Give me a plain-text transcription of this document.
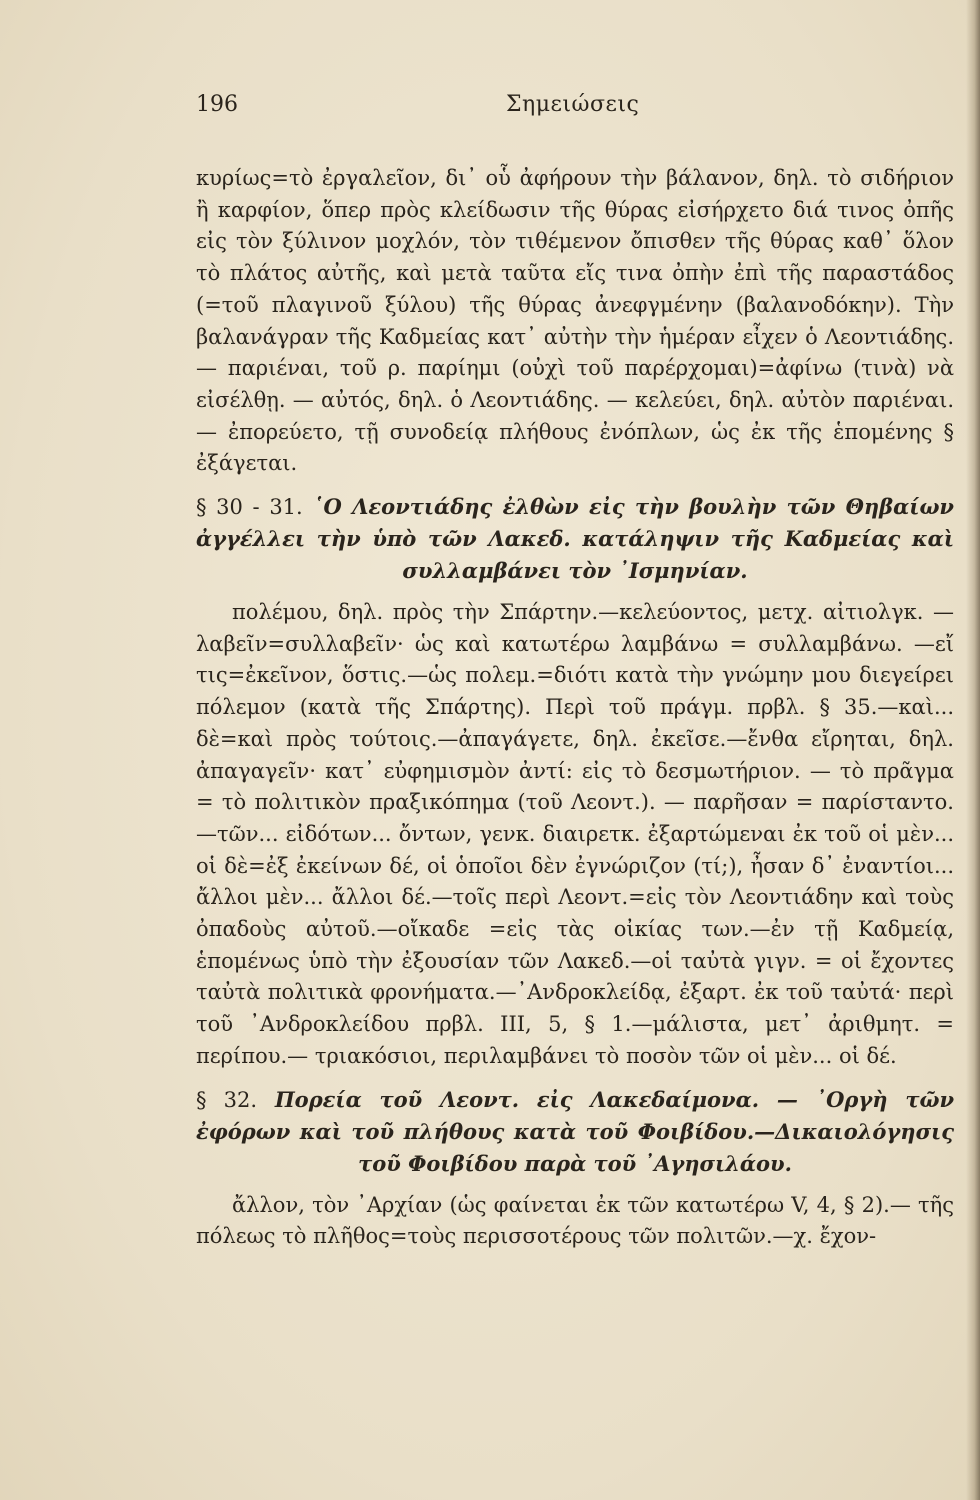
196	Σημειώσεις

κυρίως=τὸ ἐργαλεῖον, δι᾽ οὗ ἀφήρουν τὴν βάλανον, δηλ. τὸ σιδήριον ἢ καρφίον, ὅπερ πρὸς κλείδωσιν τῆς θύρας εἰσήρχετο διά τινος ὀπῆς εἰς τὸν ξύλινον μοχλόν, τὸν τιθέμενον ὄπισθεν τῆς θύρας καθ᾽ ὅλον τὸ πλάτος αὐτῆς, καὶ μετὰ ταῦτα εἴς τινα ὀπὴν ἐπὶ τῆς παραστάδος (=τοῦ πλαγινοῦ ξύλου) τῆς θύρας ἀνεφγμένην (βαλανοδόκην). Τὴν βαλανάγραν τῆς Καδμείας κατ᾽ αὐτὴν τὴν ἡμέραν εἶχεν ὁ Λεοντιάδης. — παριέναι, τοῦ ρ. παρίημι (οὐχὶ τοῦ παρέρχομαι)=ἀφίνω (τινὰ) νὰ εἰσέλθῃ. — αὐτός, δηλ. ὁ Λεοντιάδης. — κελεύει, δηλ. αὐτὸν παριέναι. — ἐπορεύετο, τῇ συνοδείᾳ πλήθους ἐνόπλων, ὡς ἐκ τῆς ἑπομένης § ἐξάγεται.

§ 30 - 31. ῾Ο Λεοντιάδης ἐλθὼν εἰς τὴν βουλὴν τῶν Θηβαίων ἀγγέλλει τὴν ὑπὸ τῶν Λακεδ. κατάληψιν τῆς Καδμείας καὶ συλλαμβάνει τὸν ᾽Ισμηνίαν.

πολέμου, δηλ. πρὸς τὴν Σπάρτην.—κελεύοντος, μετχ. αἰτιολγκ. —λαβεῖν=συλλαβεῖν· ὡς καὶ κατωτέρω λαμβάνω = συλλαμβάνω. —εἴ τις=ἐκεῖνον, ὅστις.—ὡς πολεμ.=διότι κατὰ τὴν γνώμην μου διεγείρει πόλεμον (κατὰ τῆς Σπάρτης). Περὶ τοῦ πράγμ. πρβλ. § 35.—καὶ... δὲ=καὶ πρὸς τούτοις.—ἀπαγάγετε, δηλ. ἐκεῖσε.—ἔνθα εἴρηται, δηλ. ἀπαγαγεῖν· κατ᾽ εὐφημισμὸν ἀντί: εἰς τὸ δεσμωτήριον. — τὸ πρᾶγμα = τὸ πολιτικὸν πραξικόπημα (τοῦ Λεοντ.). — παρῆσαν = παρίσταντο.—τῶν... εἰδότων... ὄντων, γενκ. διαιρετκ. ἐξαρτώμεναι ἐκ τοῦ οἱ μὲν... οἱ δὲ=ἐξ ἐκείνων δέ, οἱ ὁποῖοι δὲν ἐγνώριζον (τί;), ἦσαν δ᾽ ἐναντίοι... ἄλλοι μὲν... ἄλλοι δέ.—τοῖς περὶ Λεοντ.=εἰς τὸν Λεοντιάδην καὶ τοὺς ὀπαδοὺς αὐτοῦ.—οἴκαδε =εἰς τὰς οἰκίας των.—ἐν τῇ Καδμείᾳ, ἑπομένως ὑπὸ τὴν ἐξουσίαν τῶν Λακεδ.—οἱ ταὐτὰ γιγν. = οἱ ἔχοντες ταὐτὰ πολιτικὰ φρονήματα.—᾽Ανδροκλείδᾳ, ἐξαρτ. ἐκ τοῦ ταὐτά· περὶ τοῦ ᾽Ανδροκλείδου πρβλ. III, 5, § 1.—μάλιστα, μετ᾽ ἀριθμητ. = περίπου.— τριακόσιοι, περιλαμβάνει τὸ ποσὸν τῶν οἱ μὲν... οἱ δέ.

§ 32. Πορεία τοῦ Λεοντ. εἰς Λακεδαίμονα. — ᾽Οργὴ τῶν ἐφόρων καὶ τοῦ πλήθους κατὰ τοῦ Φοιβίδου.—Δικαιολόγησις τοῦ Φοιβίδου παρὰ τοῦ ᾽Αγησιλάου.

ἄλλον, τὸν ᾽Αρχίαν (ὡς φαίνεται ἐκ τῶν κατωτέρω V, 4, § 2).— τῆς πόλεως τὸ πλῆθος=τοὺς περισσοτέρους τῶν πολιτῶν.—χ. ἔχον-
